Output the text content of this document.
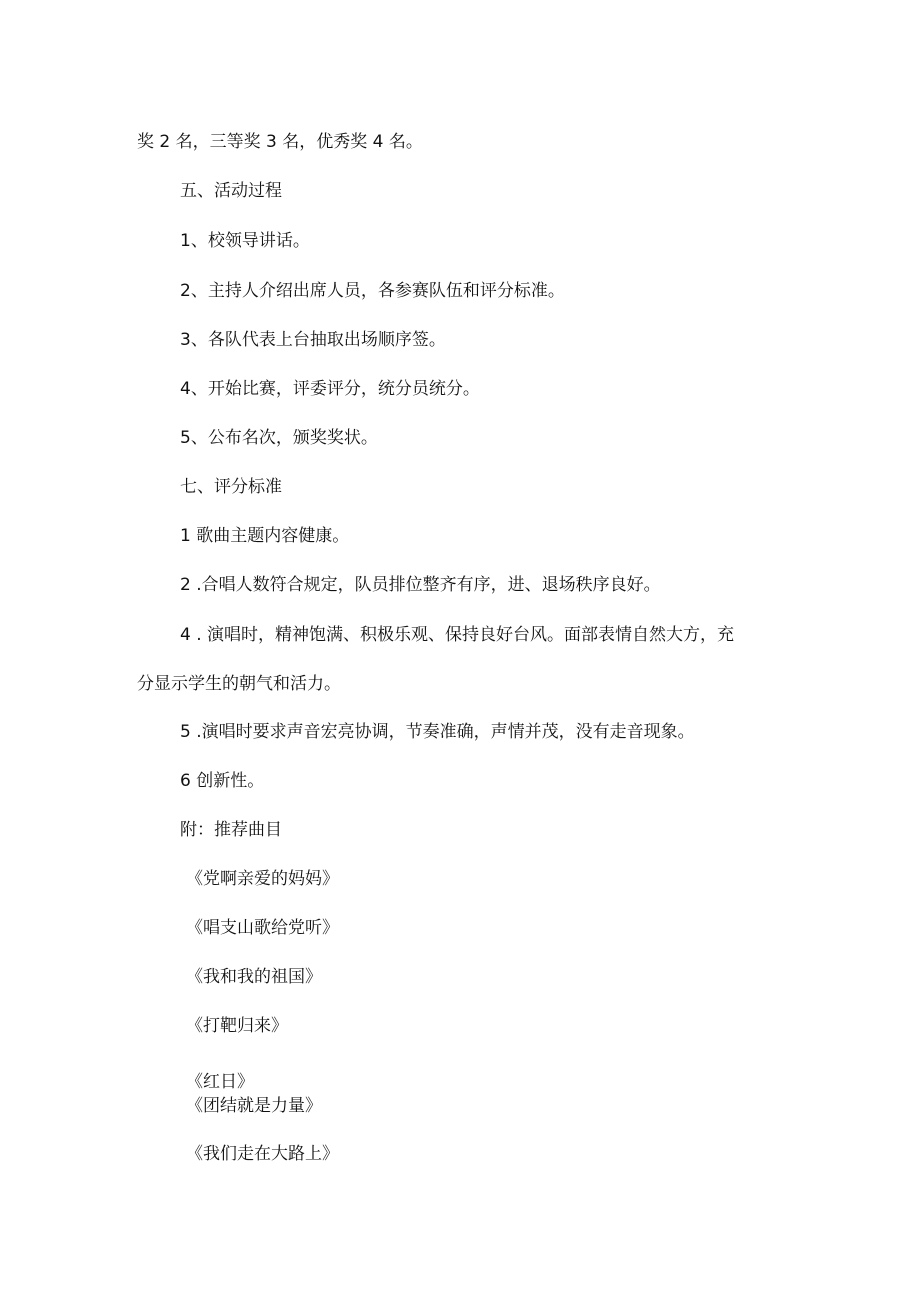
奖 2 名，三等奖 3 名，优秀奖 4 名。

五、活动过程

1、校领导讲话。

2、主持人介绍出席人员，各参赛队伍和评分标准。

3、各队代表上台抽取出场顺序签。

4、开始比赛，评委评分，统分员统分。

5、公布名次，颁奖奖状。

七、评分标准

1 歌曲主题内容健康。

2 .合唱人数符合规定，队员排位整齐有序，进、退场秩序良好。

4 . 演唱时，精神饱满、积极乐观、保持良好台风。面部表情自然大方，充

分显示学生的朝气和活力。

5 .演唱时要求声音宏亮协调，节奏准确，声情并茂，没有走音现象。

6 创新性。

附：推荐曲目

《党啊亲爱的妈妈》

《唱支山歌给党听》

《我和我的祖国》

《打靶归来》

《红日》

《团结就是力量》

《我们走在大路上》
